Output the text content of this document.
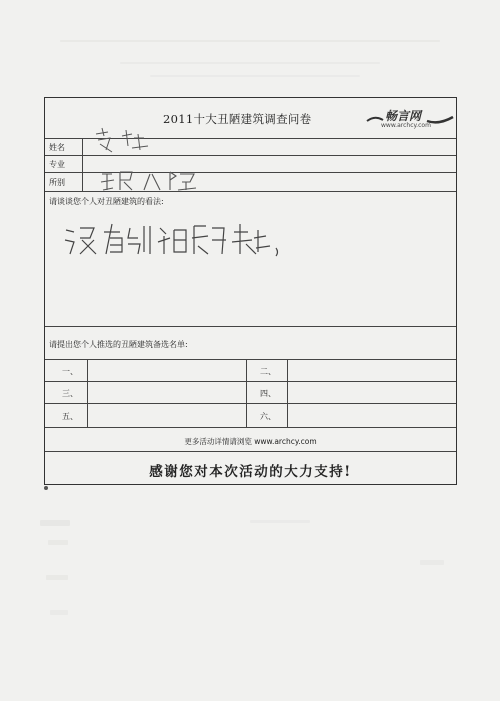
2011十大丑陋建筑调查问卷	畅言网
www.archcy.com
姓名
专业
所别
请谈谈您个人对丑陋建筑的看法:
请提出您个人推选的丑陋建筑备选名单:
一、	二、
三、	四、
五、	六、
更多活动详情请浏览 www.archcy.com
感谢您对本次活动的大力支持!
